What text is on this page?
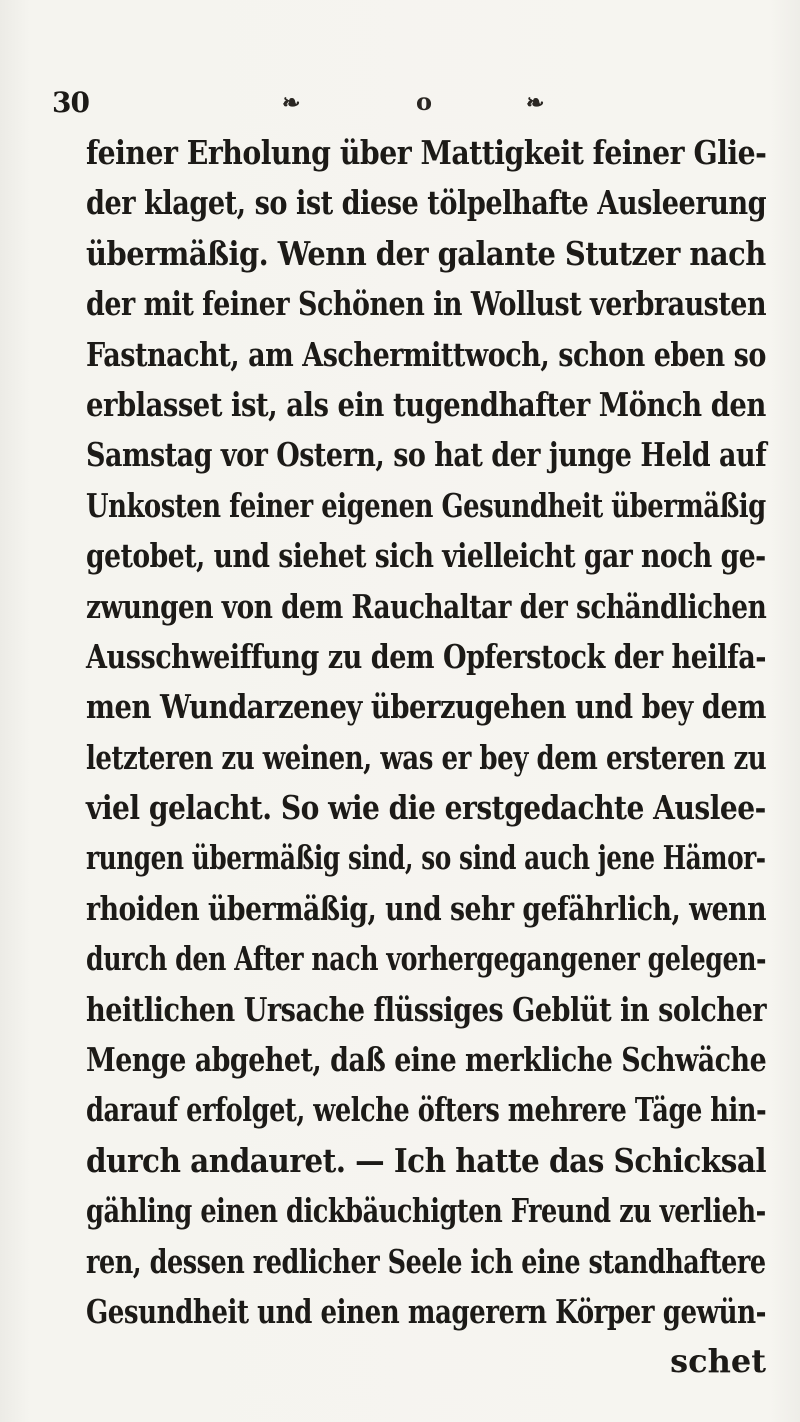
30	❧	o	❧
feiner Erholung über Mattigkeit feiner Glie-
der klaget, so ist diese tölpelhafte Ausleerung
übermäßig. Wenn der galante Stutzer nach
der mit feiner Schönen in Wollust verbrausten
Fastnacht, am Aschermittwoch, schon eben so
erblasset ist, als ein tugendhafter Mönch den
Samstag vor Ostern, so hat der junge Held auf
Unkosten feiner eigenen Gesundheit übermäßig
getobet, und siehet sich vielleicht gar noch ge-
zwungen von dem Rauchaltar der schändlichen
Ausschweiffung zu dem Opferstock der heilfa-
men Wundarzeney überzugehen und bey dem
letzteren zu weinen, was er bey dem ersteren zu
viel gelacht. So wie die erstgedachte Auslee-
rungen übermäßig sind, so sind auch jene Hämor-
rhoiden übermäßig, und sehr gefährlich, wenn
durch den After nach vorhergegangener gelegen-
heitlichen Ursache flüssiges Geblüt in solcher
Menge abgehet, daß eine merkliche Schwäche
darauf erfolget, welche öfters mehrere Täge hin-
durch andauret. — Ich hatte das Schicksal
gähling einen dickbäuchigten Freund zu verlieh-
ren, dessen redlicher Seele ich eine standhaftere
Gesundheit und einen magerern Körper gewün-
schet
